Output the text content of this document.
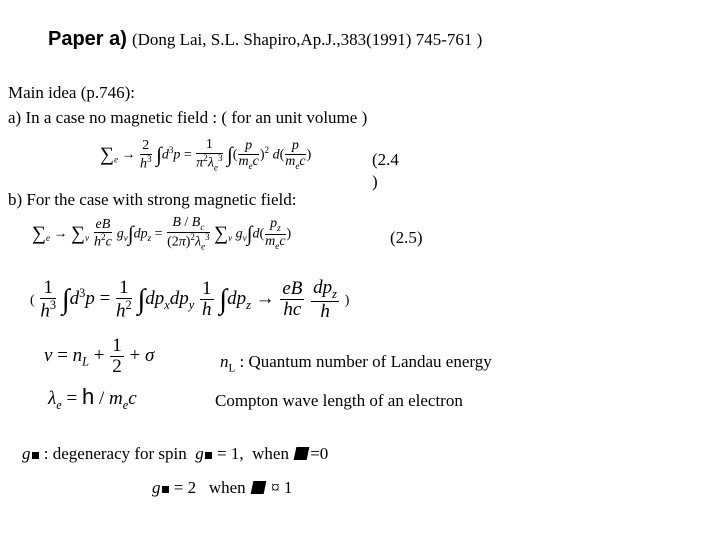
Paper a) (Dong Lai, S.L. Shapiro,Ap.J.,383(1991) 745-761 )
Main idea (p.746):
a) In a case no magnetic field : ( for an unit volume )
$\sum_e \to \frac{2}{h^3} \int d^3p = \frac{1}{\pi^2\lambda_e^3}$ ∫( $\frac{p}{m_ec} )^2$ $d( \frac{p}{m_ec}$ )	(2.4
)
b) For the case with strong magnetic field:
$\sum_e \to \sum_\nu \frac{eB}{h^2c} g_\nu\int dp_z = \frac{B / B_c}{(2\pi)^2\lambda_e^3} \sum_\nu$ $g_\nu\int d( \frac{p_z}{m_ec}$ )	(2.5)
( $\frac{1}{h^3} \int d^3p = \frac{1}{h^2} \int dp_xdp_y \frac{1}{h} \int dp_z \to \frac{eB}{hc}$
$\frac{dp_z}{h}$ )
$\nu = n_L + \frac{1}{2} + \sigma$	$n_L$ : Quantum number of Landau energy
$\lambda_e = h / m_ec$	Compton wave length of an electron
g : degeneracy for spin g = 1, when =0
g = 2 when ¤ 1
